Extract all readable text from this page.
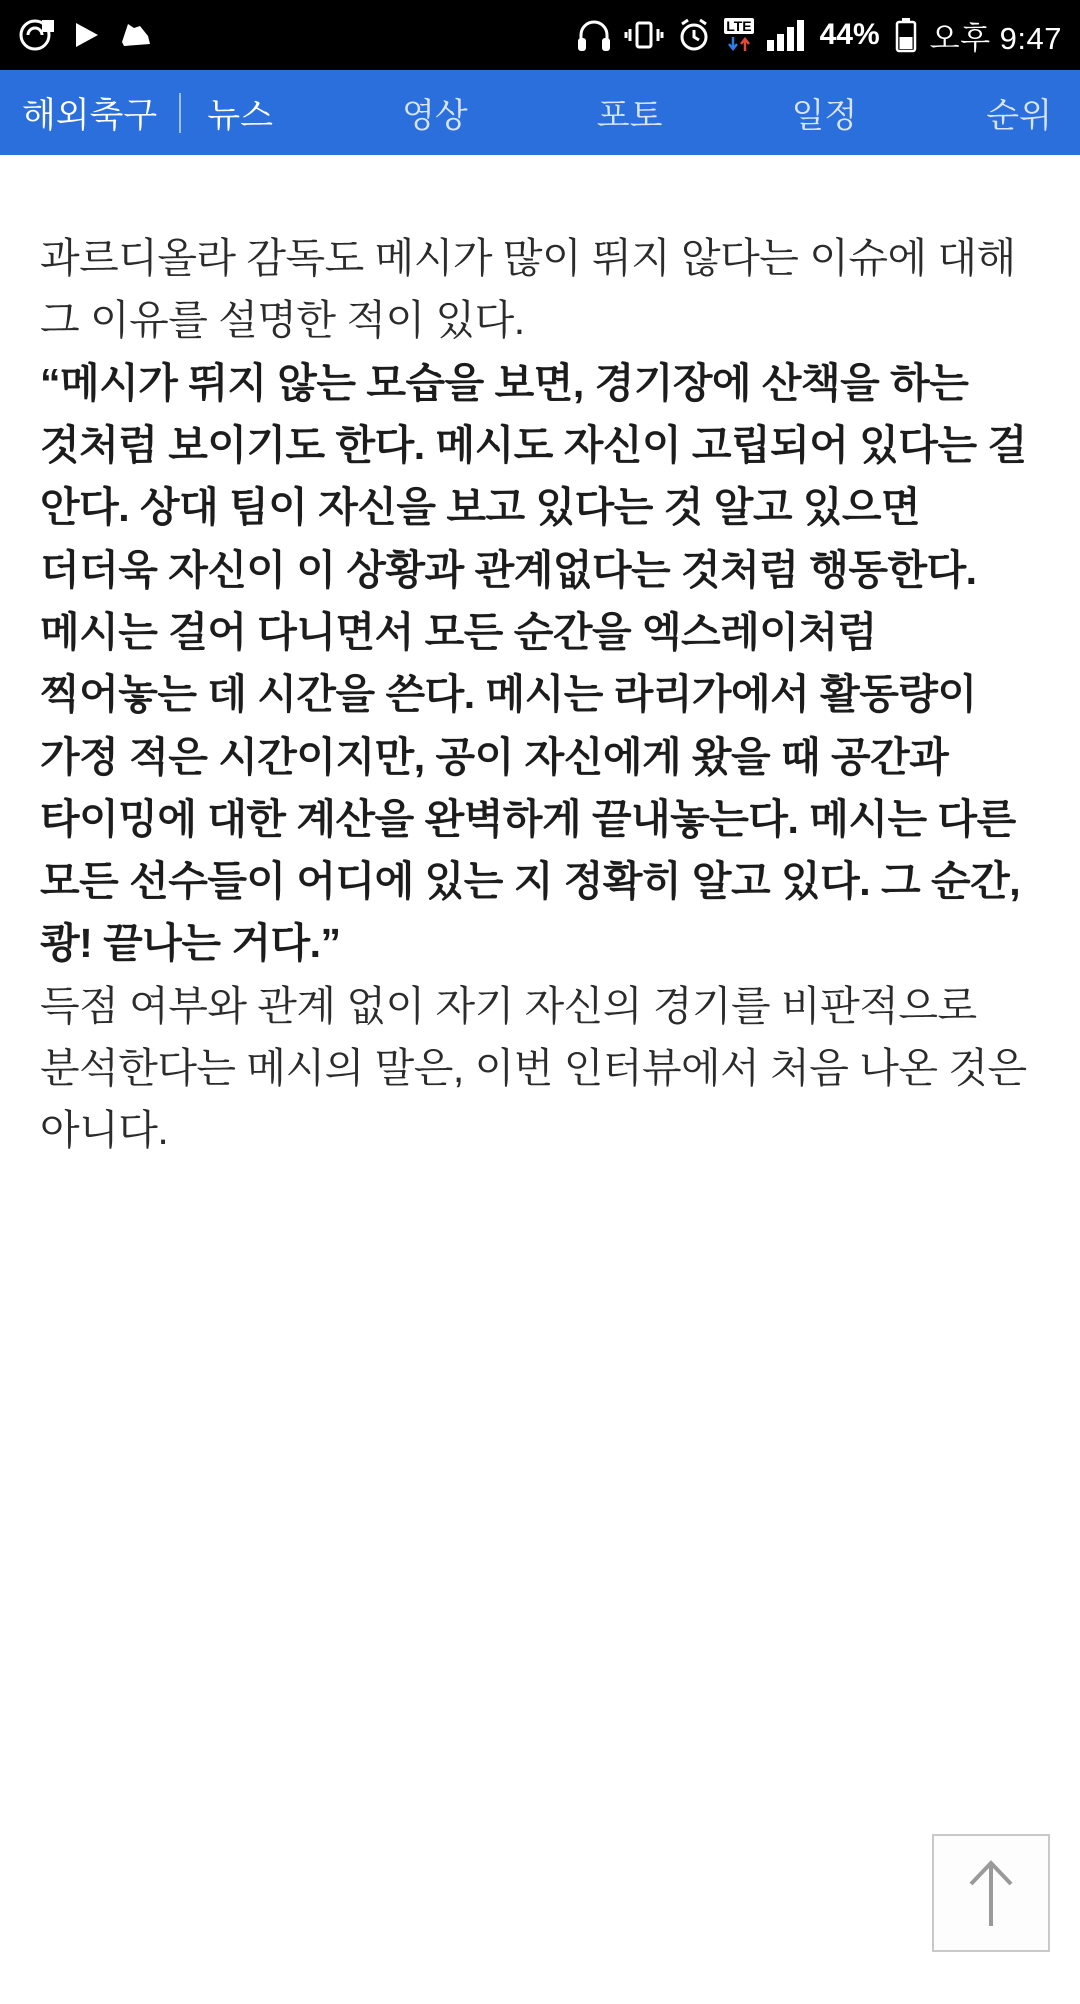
LTE 44% 오후 9:47
해외축구 뉴스	영상	포토	일정	순위

과르디올라 감독도 메시가 많이 뛰지 않다는 이슈에 대해 그 이유를 설명한 적이 있다.

“메시가 뛰지 않는 모습을 보면, 경기장에 산책을 하는 것처럼 보이기도 한다. 메시도 자신이 고립되어 있다는 걸 안다. 상대 팀이 자신을 보고 있다는 것 알고 있으면 더더욱 자신이 이 상황과 관계없다는 것처럼 행동한다. 메시는 걸어 다니면서 모든 순간을 엑스레이처럼 찍어놓는 데 시간을 쓴다. 메시는 라리가에서 활동량이 가정 적은 시간이지만, 공이 자신에게 왔을 때 공간과 타이밍에 대한 계산을 완벽하게 끝내놓는다. 메시는 다른 모든 선수들이 어디에 있는 지 정확히 알고 있다. 그 순간, 쾅! 끝나는 거다.”

득점 여부와 관계 없이 자기 자신의 경기를 비판적으로 분석한다는 메시의 말은, 이번 인터뷰에서 처음 나온 것은 아니다.
